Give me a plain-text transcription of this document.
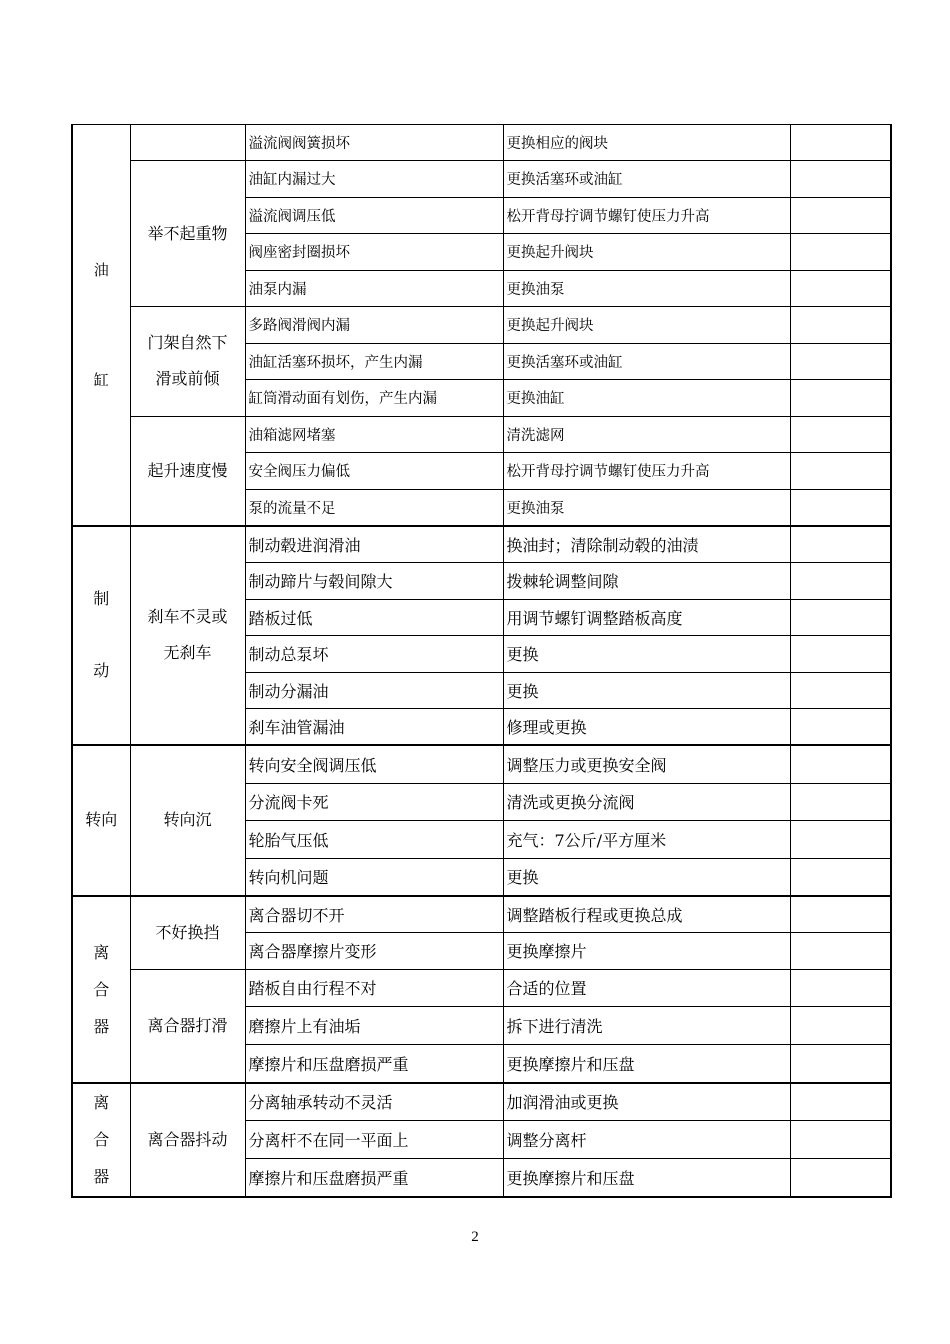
油缸		溢流阀阀簧损坏	更换相应的阀块	
	举不起重物	油缸内漏过大	更换活塞环或油缸	
		溢流阀调压低	松开背母拧调节螺钉使压力升高	
		阀座密封圈损坏	更换起升阀块	
		油泵内漏	更换油泵	

	门架自然下滑或前倾	多路阀滑阀内漏	更换起升阀块	
		油缸活塞环损坏，产生内漏	更换活塞环或油缸	
		缸筒滑动面有划伤，产生内漏	更换油缸	
	起升速度慢	油箱滤网堵塞	清洗滤网	
		安全阀压力偏低	松开背母拧调节螺钉使压力升高	
		泵的流量不足	更换油泵	

制动	刹车不灵或无刹车	制动毂进润滑油	换油封；清除制动毂的油渍	
		制动蹄片与毂间隙大	拨棘轮调整间隙	
		踏板过低	用调节螺钉调整踏板高度	
		制动总泵坏	更换	
		制动分漏油	更换	
		刹车油管漏油	修理或更换	
转向	转向沉	转向安全阀调压低	调整压力或更换安全阀	
		分流阀卡死	清洗或更换分流阀	
		轮胎气压低	充气：7公斤/平方厘米	
		转向机问题	更换	

离合器	不好换挡	离合器切不开	调整踏板行程或更换总成	
		离合器摩擦片变形	更换摩擦片	
	离合器打滑	踏板自由行程不对	合适的位置	
		磨擦片上有油垢	拆下进行清洗	
		摩擦片和压盘磨损严重	更换摩擦片和压盘	

离合器	离合器抖动	分离轴承转动不灵活	加润滑油或更换	
		分离杆不在同一平面上	调整分离杆	
		摩擦片和压盘磨损严重	更换摩擦片和压盘	
2
